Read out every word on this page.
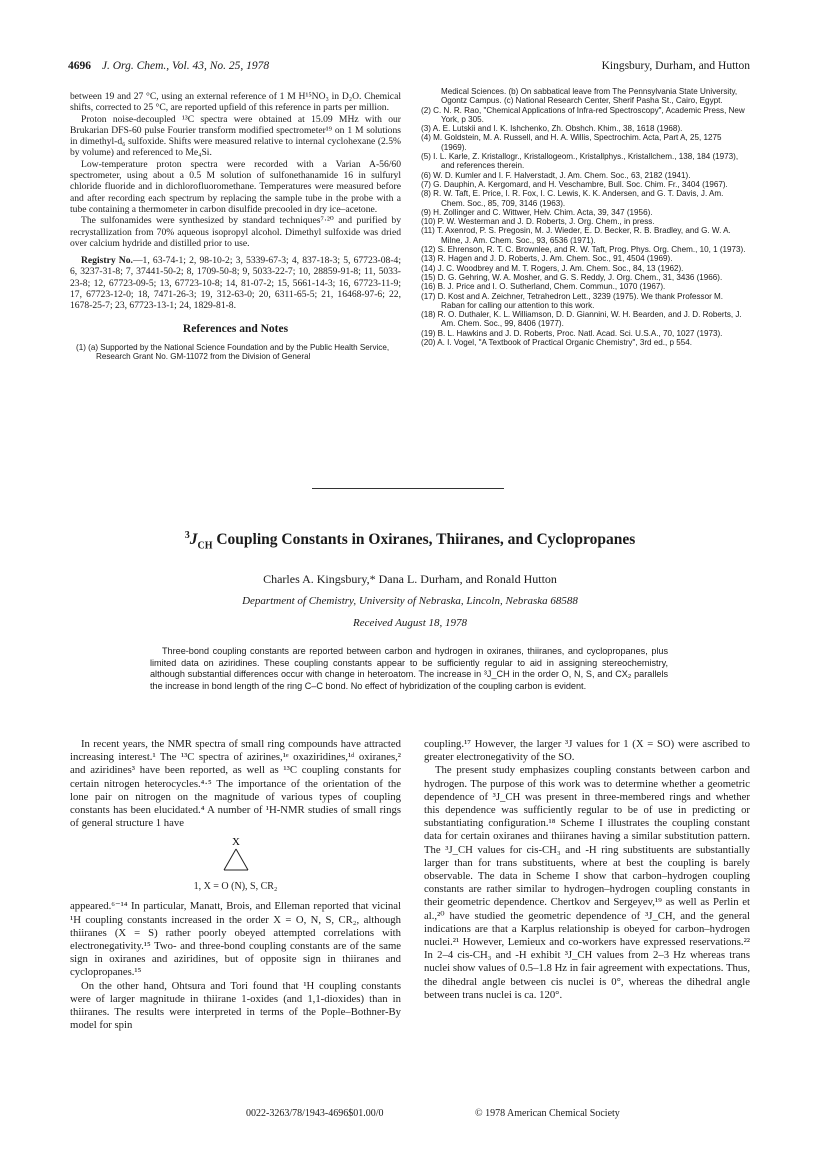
4696 J. Org. Chem., Vol. 43, No. 25, 1978	Kingsbury, Durham, and Hutton

between 19 and 27 °C, using an external reference of 1 M H¹⁵NO₃ in D₂O. Chemical shifts, corrected to 25 °C, are reported upfield of this reference in parts per million.

Proton noise-decoupled ¹³C spectra were obtained at 15.09 MHz with our Brukarian DFS-60 pulse Fourier transform modified spectrometer¹⁹ on 1 M solutions in dimethyl-d₆ sulfoxide. Shifts were measured relative to internal cyclohexane (2.5% by volume) and referenced to Me₄Si.

Low-temperature proton spectra were recorded with a Varian A-56/60 spectrometer, using about a 0.5 M solution of sulfonethanamide 16 in sulfuryl chloride fluoride and in dichlorofluoromethane. Temperatures were measured before and after recording each spectrum by replacing the sample tube in the probe with a tube containing a thermometer in carbon disulfide precooled in dry ice–acetone.

The sulfonamides were synthesized by standard techniques⁷·²⁰ and purified by recrystallization from 70% aqueous isopropyl alcohol. Dimethyl sulfoxide was dried over calcium hydride and distilled prior to use.

Registry No.—1, 63-74-1; 2, 98-10-2; 3, 5339-67-3; 4, 837-18-3; 5, 67723-08-4; 6, 3237-31-8; 7, 37441-50-2; 8, 1709-50-8; 9, 5033-22-7; 10, 28859-91-8; 11, 5033-23-8; 12, 67723-09-5; 13, 67723-10-8; 14, 81-07-2; 15, 5661-14-3; 16, 67723-11-9; 17, 67723-12-0; 18, 7471-26-3; 19, 312-63-0; 20, 6311-65-5; 21, 16468-97-6; 22, 1678-25-7; 23, 67723-13-1; 24, 1829-81-8.

References and Notes

(1) (a) Supported by the National Science Foundation and by the Public Health Service, Research Grant No. GM-11072 from the Division of General

Medical Sciences. (b) On sabbatical leave from The Pennsylvania State University, Ogontz Campus. (c) National Research Center, Sherif Pasha St., Cairo, Egypt.

(2) C. N. R. Rao, "Chemical Applications of Infra-red Spectroscopy", Academic Press, New York, p 305.

(3) A. E. Lutskii and I. K. Ishchenko, Zh. Obshch. Khim., 38, 1618 (1968).

(4) M. Goldstein, M. A. Russell, and H. A. Willis, Spectrochim. Acta, Part A, 25, 1275 (1969).

(5) I. L. Karle, Z. Kristallogr., Kristallogeom., Kristallphys., Kristallchem., 138, 184 (1973), and references therein.

(6) W. D. Kumler and I. F. Halverstadt, J. Am. Chem. Soc., 63, 2182 (1941).

(7) G. Dauphin, A. Kergomard, and H. Veschambre, Bull. Soc. Chim. Fr., 3404 (1967).

(8) R. W. Taft, E. Price, I. R. Fox, I. C. Lewis, K. K. Andersen, and G. T. Davis, J. Am. Chem. Soc., 85, 709, 3146 (1963).

(9) H. Zollinger and C. Wittwer, Helv. Chim. Acta, 39, 347 (1956).

(10) P. W. Westerman and J. D. Roberts, J. Org. Chem., in press.

(11) T. Axenrod, P. S. Pregosin, M. J. Wieder, E. D. Becker, R. B. Bradley, and G. W. A. Milne, J. Am. Chem. Soc., 93, 6536 (1971).

(12) S. Ehrenson, R. T. C. Brownlee, and R. W. Taft, Prog. Phys. Org. Chem., 10, 1 (1973).

(13) R. Hagen and J. D. Roberts, J. Am. Chem. Soc., 91, 4504 (1969).

(14) J. C. Woodbrey and M. T. Rogers, J. Am. Chem. Soc., 84, 13 (1962).

(15) D. G. Gehring, W. A. Mosher, and G. S. Reddy, J. Org. Chem., 31, 3436 (1966).

(16) B. J. Price and I. O. Sutherland, Chem. Commun., 1070 (1967).

(17) D. Kost and A. Zeichner, Tetrahedron Lett., 3239 (1975). We thank Professor M. Raban for calling our attention to this work.

(18) R. O. Duthaler, K. L. Williamson, D. D. Giannini, W. H. Bearden, and J. D. Roberts, J. Am. Chem. Soc., 99, 8406 (1977).

(19) B. L. Hawkins and J. D. Roberts, Proc. Natl. Acad. Sci. U.S.A., 70, 1027 (1973).

(20) A. I. Vogel, "A Textbook of Practical Organic Chemistry", 3rd ed., p 554.

$^3J_{CH}$ Coupling Constants in Oxiranes, Thiiranes, and Cyclopropanes
Charles A. Kingsbury,* Dana L. Durham, and Ronald Hutton
Department of Chemistry, University of Nebraska, Lincoln, Nebraska 68588
Received August 18, 1978
Three-bond coupling constants are reported between carbon and hydrogen in oxiranes, thiiranes, and cyclopropanes, plus limited data on aziridines. These coupling constants appear to be sufficiently regular to aid in assigning stereochemistry, although substantial differences occur with change in heteroatom. The increase in ³J_CH in the order O, N, S, and CX₂ parallels the increase in bond length of the ring C–C bond. No effect of hybridization of the coupling carbon is evident.

In recent years, the NMR spectra of small ring compounds have attracted increasing interest.¹ The ¹³C spectra of azirines,¹ᵉ oxaziridines,¹ᵈ oxiranes,² and aziridines³ have been reported, as well as ¹³C coupling constants for certain nitrogen heterocycles.⁴·⁵ The importance of the orientation of the lone pair on nitrogen on the magnitude of various types of coupling constants has been elucidated.⁴ A number of ¹H-NMR studies of small rings of general structure 1 have

X
1, X = O (N), S, CR₂

appeared.⁶⁻¹⁴ In particular, Manatt, Brois, and Elleman reported that vicinal ¹H coupling constants increased in the order X = O, N, S, CR₂, although thiiranes (X = S) rather poorly obeyed attempted correlations with electronegativity.¹⁵ Two- and three-bond coupling constants are of the same sign in oxiranes and aziridines, but of opposite sign in thiiranes and cyclopropanes.¹⁵

On the other hand, Ohtsura and Tori found that ¹H coupling constants were of larger magnitude in thiirane 1-oxides (and 1,1-dioxides) than in thiiranes. The results were interpreted in terms of the Pople–Bothner-By model for spin

coupling.¹⁷ However, the larger ³J values for 1 (X = SO) were ascribed to greater electronegativity of the SO.

The present study emphasizes coupling constants between carbon and hydrogen. The purpose of this work was to determine whether a geometric dependence of ³J_CH was present in three-membered rings and whether this dependence was sufficiently regular to be of use in predicting or substantiating configuration.¹⁸ Scheme I illustrates the coupling constant data for certain oxiranes and thiiranes having a similar substitution pattern. The ³J_CH values for cis-CH₃ and -H ring substituents are substantially larger than for trans substituents, where at best the coupling is barely observable. The data in Scheme I show that carbon–hydrogen coupling constants are rather similar to hydrogen–hydrogen coupling constants in their geometric dependence. Chertkov and Sergeyev,¹⁹ as well as Perlin et al.,²⁰ have studied the geometric dependence of ³J_CH, and the general indications are that a Karplus relationship is obeyed for carbon–hydrogen nuclei.²¹ However, Lemieux and co-workers have expressed reservations.²² In 2–4 cis-CH₃ and -H exhibit ³J_CH values from 2–3 Hz whereas trans nuclei show values of 0.5–1.8 Hz in fair agreement with expectations. Thus, the dihedral angle between cis nuclei is 0°, whereas the dihedral angle between trans nuclei is ca. 120°.

0022-3263/78/1943-4696$01.00/0	© 1978 American Chemical Society
